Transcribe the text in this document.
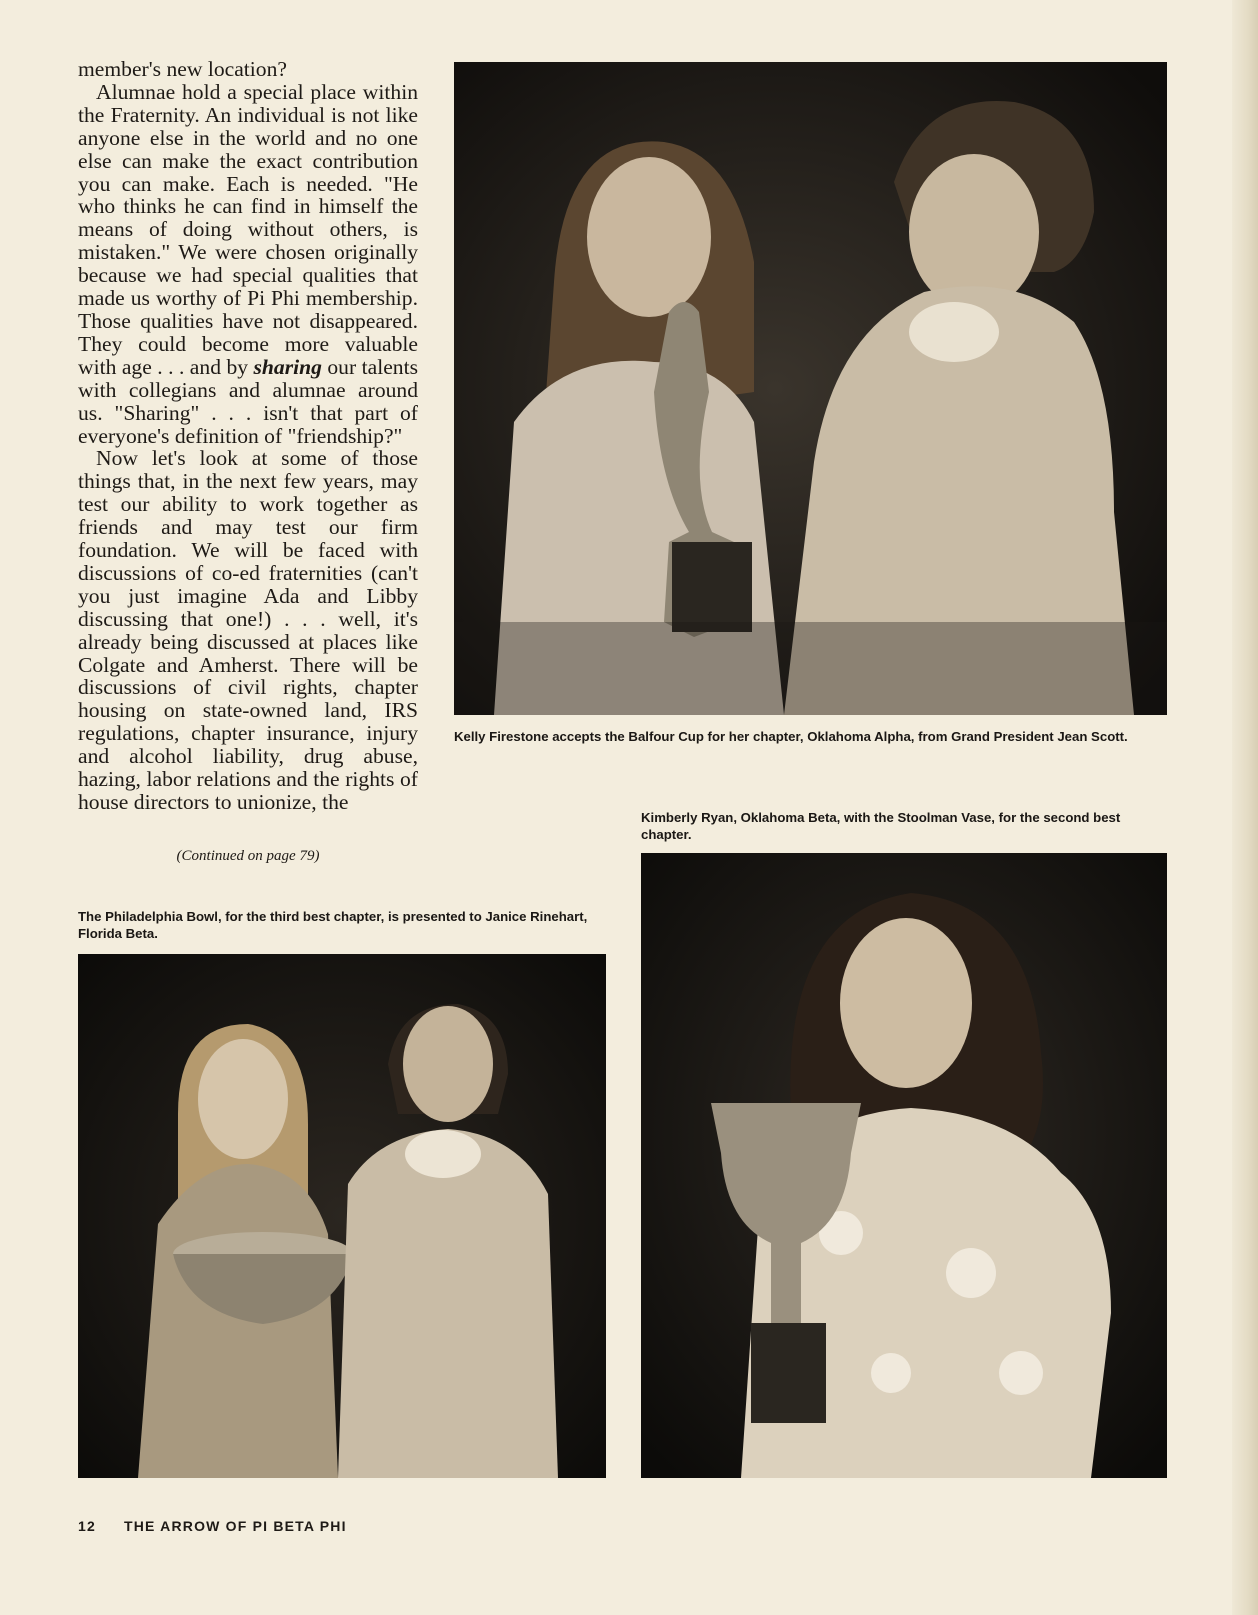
member's new location?

Alumnae hold a special place within the Fraternity. An individual is not like anyone else in the world and no one else can make the exact contribution you can make. Each is needed. "He who thinks he can find in himself the means of doing without others, is mistaken." We were chosen originally because we had special qualities that made us worthy of Pi Phi membership. Those qualities have not disappeared. They could become more valuable with age . . . and by sharing our talents with collegians and alumnae around us. "Sharing" . . . isn't that part of everyone's definition of "friendship?"

Now let's look at some of those things that, in the next few years, may test our ability to work together as friends and may test our firm foundation. We will be faced with discussions of co-ed fraternities (can't you just imagine Ada and Libby discussing that one!) . . . well, it's already being discussed at places like Colgate and Amherst. There will be discussions of civil rights, chapter housing on state-owned land, IRS regulations, chapter insurance, injury and alcohol liability, drug abuse, hazing, labor relations and the rights of house directors to unionize, the

(Continued on page 79)
Kelly Firestone accepts the Balfour Cup for her chapter, Oklahoma Alpha, from Grand President Jean Scott.
Kimberly Ryan, Oklahoma Beta, with the Stoolman Vase, for the second best chapter.
The Philadelphia Bowl, for the third best chapter, is presented to Janice Rinehart, Florida Beta.
12 THE ARROW OF PI BETA PHI
